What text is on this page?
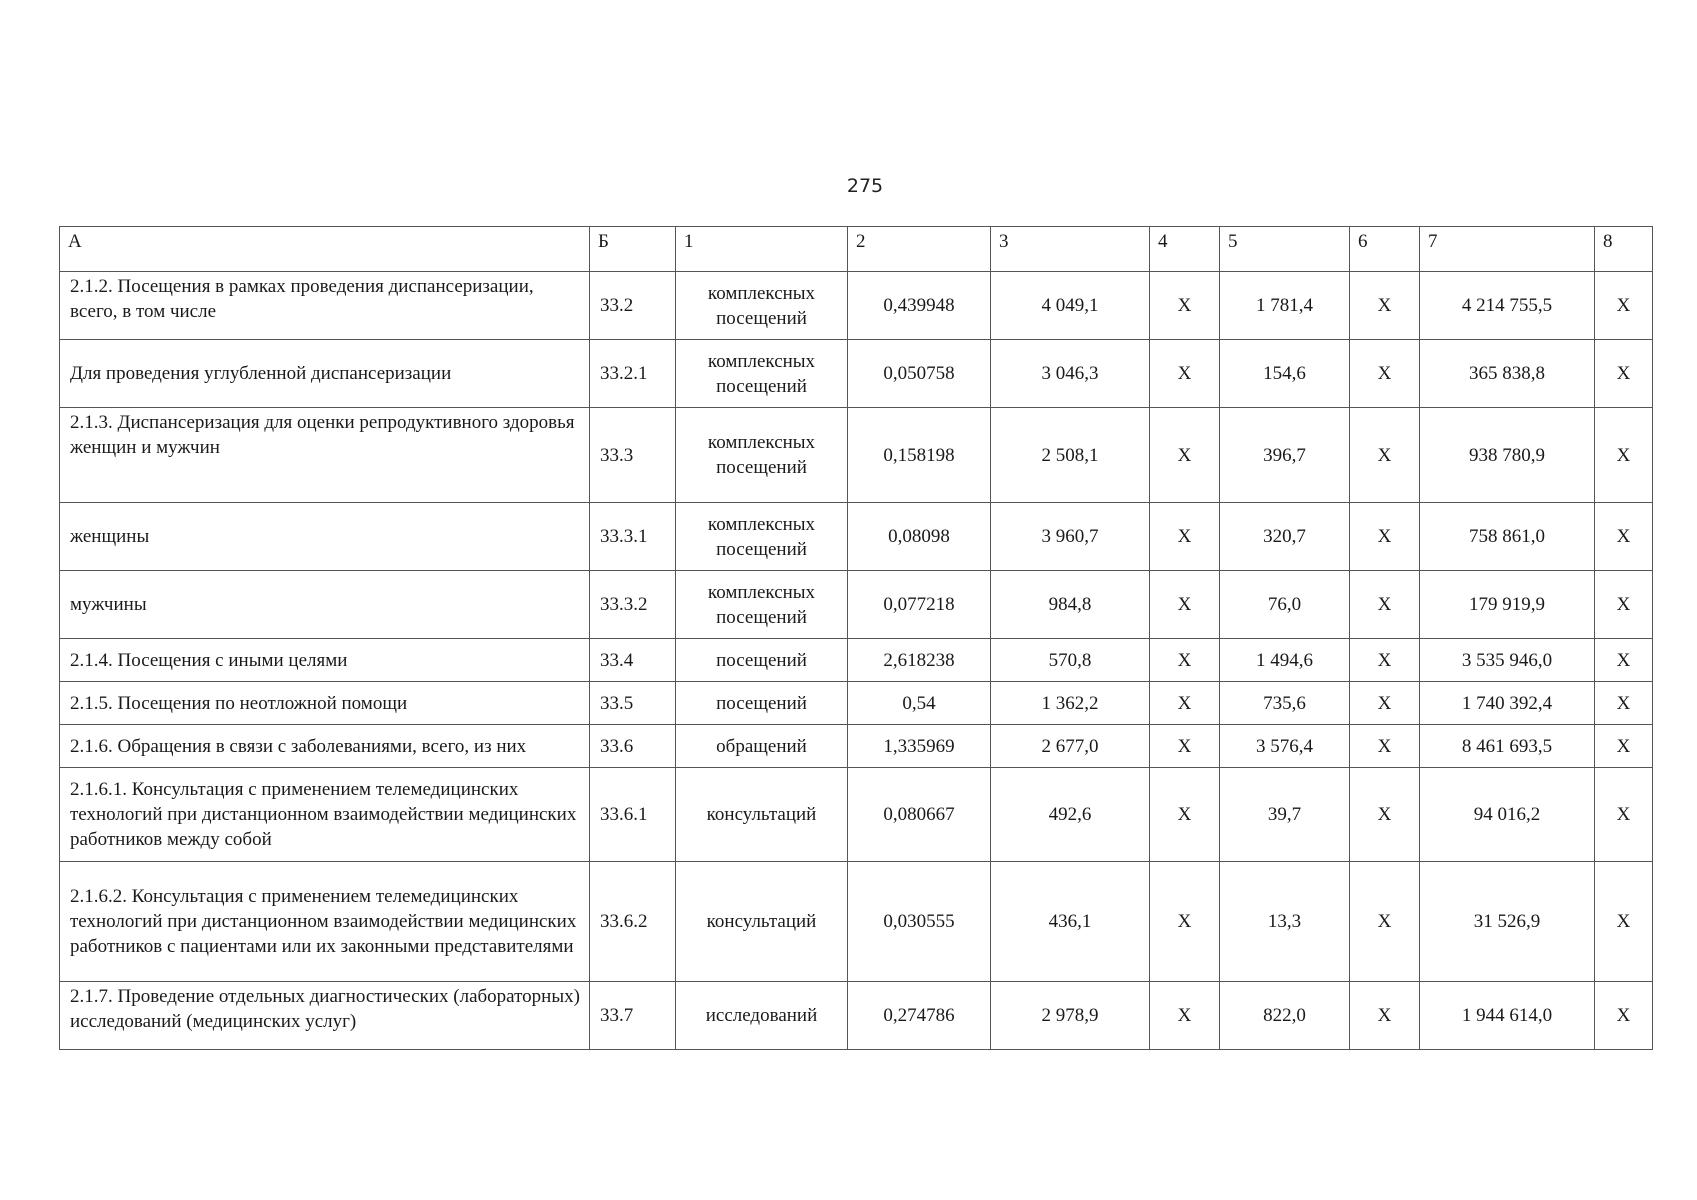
275
А	Б	1	2	3	4	5	6	7	8
2.1.2. Посещения в рамках проведения диспансеризации, всего, в том числе	33.2	комплексных посещений	0,439948	4 049,1	Х	1 781,4	Х	4 214 755,5	Х
Для проведения углубленной диспансеризации	33.2.1	комплексных посещений	0,050758	3 046,3	Х	154,6	Х	365 838,8	Х
2.1.3. Диспансеризация для оценки репродуктивного здоровья женщин и мужчин	33.3	комплексных посещений	0,158198	2 508,1	Х	396,7	Х	938 780,9	Х
женщины	33.3.1	комплексных посещений	0,08098	3 960,7	Х	320,7	Х	758 861,0	Х
мужчины	33.3.2	комплексных посещений	0,077218	984,8	Х	76,0	Х	179 919,9	Х
2.1.4. Посещения с иными целями	33.4	посещений	2,618238	570,8	Х	1 494,6	Х	3 535 946,0	Х
2.1.5. Посещения по неотложной помощи	33.5	посещений	0,54	1 362,2	Х	735,6	Х	1 740 392,4	Х
2.1.6. Обращения в связи с заболеваниями, всего, из них	33.6	обращений	1,335969	2 677,0	Х	3 576,4	Х	8 461 693,5	Х
2.1.6.1. Консультация с применением телемедицинских технологий при дистанционном взаимодействии медицинских работников между собой	33.6.1	консультаций	0,080667	492,6	Х	39,7	Х	94 016,2	Х
2.1.6.2. Консультация с применением телемедицинских технологий при дистанционном взаимодействии медицинских работников с пациентами или их законными представителями	33.6.2	консультаций	0,030555	436,1	Х	13,3	Х	31 526,9	Х
2.1.7. Проведение отдельных диагностических (лабораторных) исследований (медицинских услуг)	33.7	исследований	0,274786	2 978,9	Х	822,0	Х	1 944 614,0	Х
